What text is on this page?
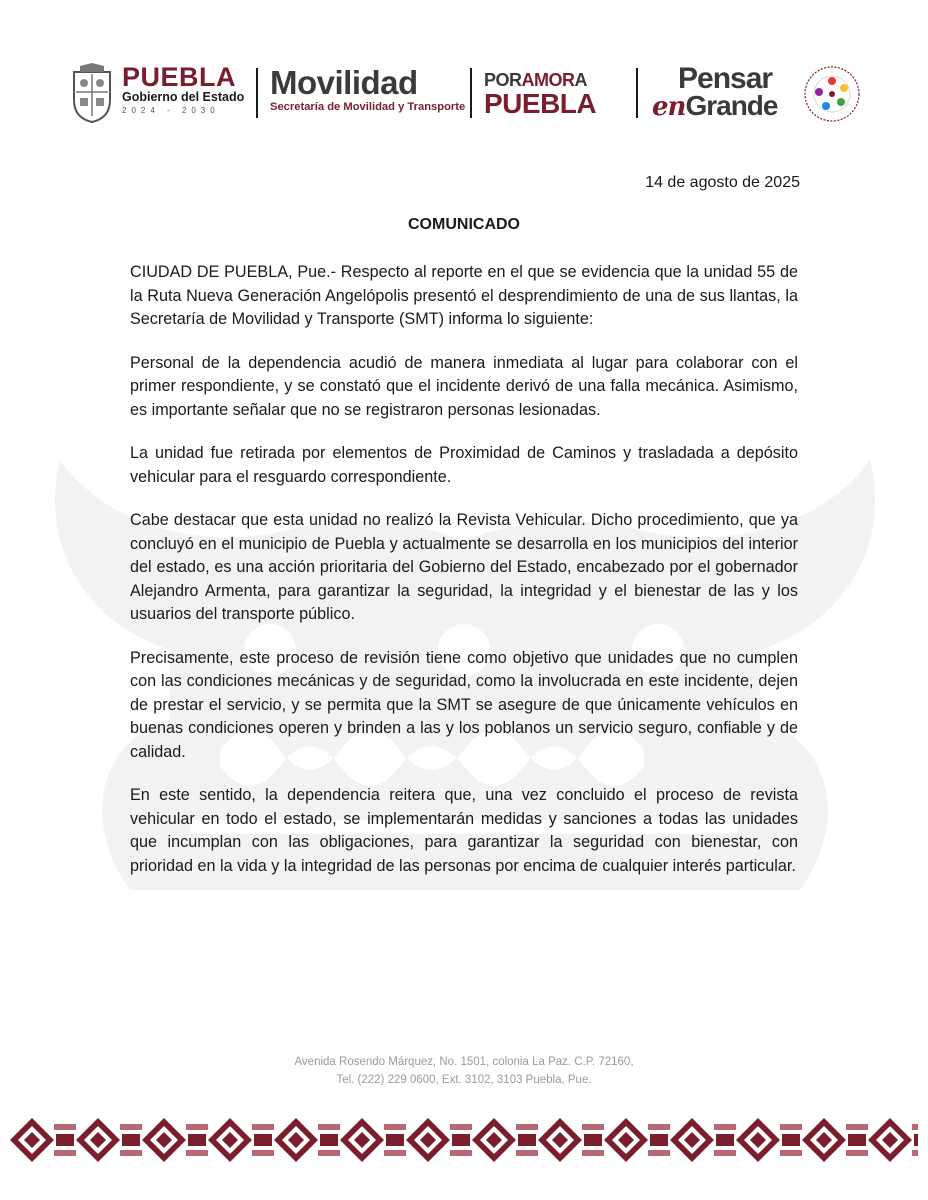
PUEBLA
Gobierno del Estado
2024 - 2030
Movilidad
Secretaría de Movilidad y Transporte
PORAMORA
PUEBLA
Pensar
enGrande
14 de agosto de 2025
COMUNICADO

CIUDAD DE PUEBLA, Pue.- Respecto al reporte en el que se evidencia que la unidad 55 de la Ruta Nueva Generación Angelópolis presentó el desprendimiento de una de sus llantas, la Secretaría de Movilidad y Transporte (SMT) informa lo siguiente:

Personal de la dependencia acudió de manera inmediata al lugar para colaborar con el primer respondiente, y se constató que el incidente derivó de una falla mecánica. Asimismo, es importante señalar que no se registraron personas lesionadas.

La unidad fue retirada por elementos de Proximidad de Caminos y trasladada a depósito vehicular para el resguardo correspondiente.

Cabe destacar que esta unidad no realizó la Revista Vehicular. Dicho procedimiento, que ya concluyó en el municipio de Puebla y actualmente se desarrolla en los municipios del interior del estado, es una acción prioritaria del Gobierno del Estado, encabezado por el gobernador Alejandro Armenta, para garantizar la seguridad, la integridad y el bienestar de las y los usuarios del transporte público.

Precisamente, este proceso de revisión tiene como objetivo que unidades que no cumplen con las condiciones mecánicas y de seguridad, como la involucrada en este incidente, dejen de prestar el servicio, y se permita que la SMT se asegure de que únicamente vehículos en buenas condiciones operen y brinden a las y los poblanos un servicio seguro, confiable y de calidad.

En este sentido, la dependencia reitera que, una vez concluido el proceso de revista vehicular en todo el estado, se implementarán medidas y sanciones a todas las unidades que incumplan con las obligaciones, para garantizar la seguridad con bienestar, con prioridad en la vida y la integridad de las personas por encima de cualquier interés particular.

Avenida Rosendo Márquez, No. 1501, colonia La Paz. C.P. 72160,
Tel. (222) 229 0600, Ext. 3102, 3103 Puebla, Pue.
